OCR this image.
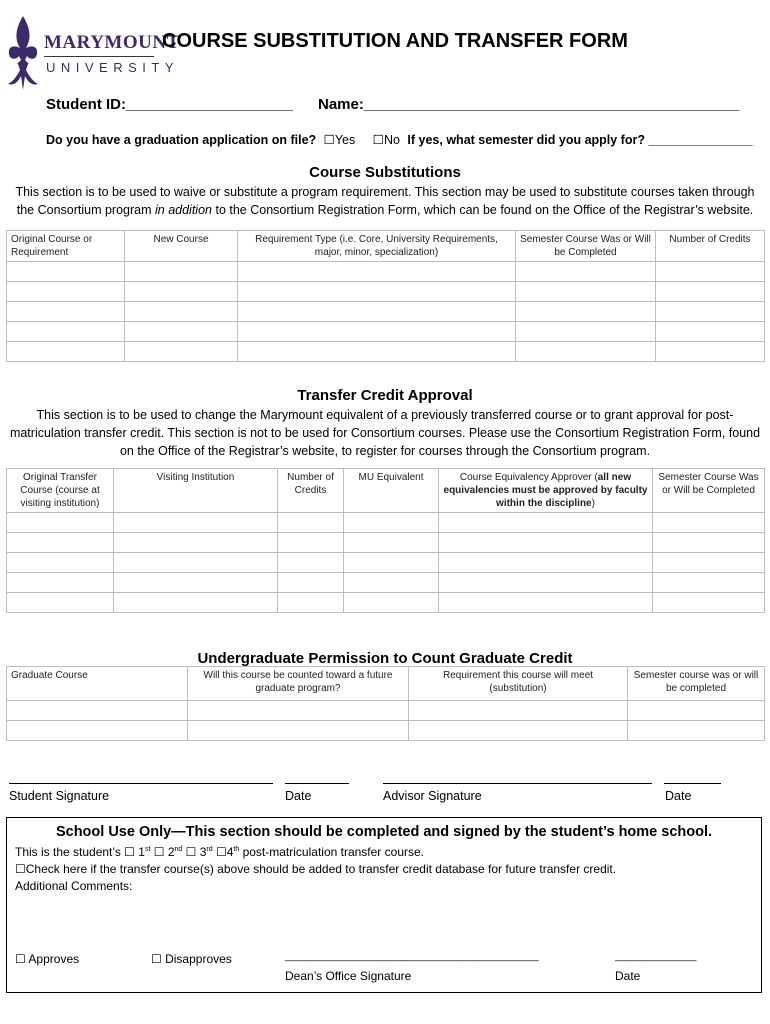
MARYMOUNT
UNIVERSITY
COURSE SUBSTITUTION AND TRANSFER FORM
Student ID:____________________ Name:_____________________________________________
Do you have a graduation application on file? ☐Yes ☐No If yes, what semester did you apply for? _______________
Course Substitutions
This section is to be used to waive or substitute a program requirement. This section may be used to substitute courses taken through
the Consortium program in addition to the Consortium Registration Form, which can be found on the Office of the Registrar’s website.
Original Course or Requirement	New Course	Requirement Type (i.e. Core, University Requirements, major, minor, specialization)	Semester Course Was or Will be Completed	Number of Credits

Transfer Credit Approval
This section is to be used to change the Marymount equivalent of a previously transferred course or to grant approval for post-
matriculation transfer credit. This section is not to be used for Consortium courses. Please use the Consortium Registration Form, found
on the Office of the Registrar’s website, to register for courses through the Consortium program.
Original Transfer Course (course at visiting institution)	Visiting Institution	Number of Credits	MU Equivalent	Course Equivalency Approver (all new equivalencies must be approved by faculty within the discipline)	Semester Course Was or Will be Completed

Undergraduate Permission to Count Graduate Credit
Graduate Course	Will this course be counted toward a future graduate program?	Requirement this course will meet (substitution)	Semester course was or will be completed

Student Signature	Date	Advisor Signature	Date
School Use Only—This section should be completed and signed by the student’s home school.
This is the student’s ☐ 1st ☐ 2nd ☐ 3rd ☐4th post-matriculation transfer course.
☐Check here if the transfer course(s) above should be added to transfer credit database for future transfer credit.
Additional Comments:
☐ Approves	☐ Disapproves	__________________________________________________	________________
Dean’s Office Signature	Date
